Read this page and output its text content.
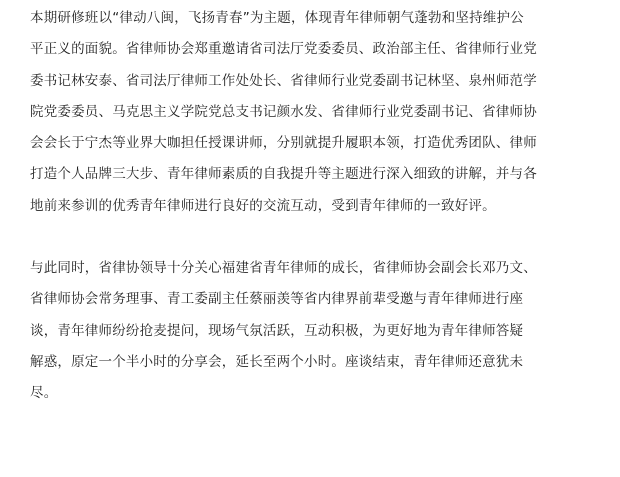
本期研修班以“律动八闽，飞扬青春”为主题，体现青年律师朝气蓬勃和坚持维护公
平正义的面貌。省律师协会郑重邀请省司法厅党委委员、政治部主任、省律师行业党
委书记林安泰、省司法厅律师工作处处长、省律师行业党委副书记林坚、泉州师范学
院党委委员、马克思主义学院党总支书记颜水发、省律师行业党委副书记、省律师协
会会长于宁杰等业界大咖担任授课讲师，分别就提升履职本领，打造优秀团队、律师
打造个人品牌三大步、青年律师素质的自我提升等主题进行深入细致的讲解，并与各
地前来参训的优秀青年律师进行良好的交流互动，受到青年律师的一致好评。

与此同时，省律协领导十分关心福建省青年律师的成长，省律师协会副会长邓乃文、
省律师协会常务理事、青工委副主任蔡丽羡等省内律界前辈受邀与青年律师进行座
谈，青年律师纷纷抢麦提问，现场气氛活跃，互动积极，为更好地为青年律师答疑
解惑，原定一个半小时的分享会，延长至两个小时。座谈结束，青年律师还意犹未
尽。
